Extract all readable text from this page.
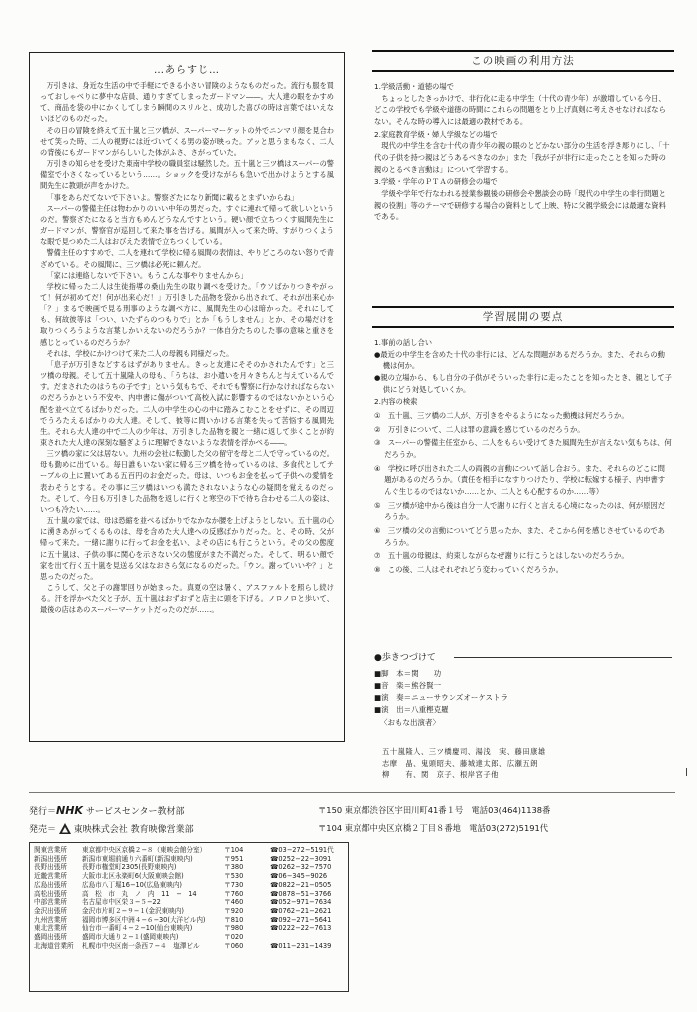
…あらすじ…

万引きは、身近な生活の中で手軽にできる小さい冒険のようなものだった。流行も服を買っておしゃべりに夢中な店員、通りすぎてしまったガードマン――。大人達の眼をかすめて、商品を袋の中にかくしてしまう瞬間のスリルと、成功した喜びの時は言葉ではいえないほどのものだった。

その日の冒険を終えて五十嵐と三ツ橋が、スーパーマーケットの外でニンマリ顔を見合わせて笑った時、二人の視野には近づいてくる男の姿が映った。アッと思うまもなく、二人の背後にもガードマンがらしいした体がふさ、さがっていた。

万引きの知らせを受けた東南中学校の職員室は騒然した。五十嵐と三ツ橋はスーパーの警備室で小さくなっているという……。ショックを受けながらも急いで出かけようとする風間先生に教頭が声をかけた。

「事をあらだてないで下さいよ。警察ざたになり新聞に載るとまずいからね」

スーパーの警備主任は物わかりのいい中年の男だった。すぐに連れて帰って欲しいというのだ。警察ざたになると当方もめんどうなんですという。硬い顔で立ちつくす風間先生にガードマンが、警察官が巡回して来た事を告げる。風間が入って来た時、すがりつくような眼で見つめた二人はおびえた表情で立ちつくしている。

警備主任のすすめで、二人を連れて学校に帰る風間の表情は、やりどころのない怒りで青ざめている。その風間に、三ツ橋は必死に頼んだ。

「家には連絡しないで下さい。もうこんな事やりませんから」

学校に帰った二人は生徒指導の桑山先生の取り調べを受けた。「ウソばかりつきやがって！何が初めてだ！何が出来心だ！」万引きした品物を袋から出されて、それが出来心か「？」まるで映画で見る刑事のような調べ方に、風間先生の心は暗かった。それにしても、何故彼等は「つい、いたずらのつもりで」とか「もうしません」とか、その場だけを取りつくろうような言葉しかいえないのだろうか？一体自分たちのした事の意味と重さを感じとっているのだろうか？

それは、学校にかけつけて来た二人の母親も同様だった。

「息子が万引きなどするはずがありません。きっと友達にそそのかされたんです」と三ツ橋の母親。そして五十嵐隆人の母も、「うちは、お小遣いを月々きちんと与えているんです。だまされたのはうちの子です」という気もちで、それでも警察に行かなければならないのだろうかという不安や、内申書に傷がついて高校入試に影響するのではないかという心配を並べ立てるばかりだった。二人の中学生の心の中に踏みこむことをせずに、その周辺でうろたえるばかりの大人達。そして、彼等に問いかける言葉を失って苦悩する風間先生。それら大人達の中で二人の少年は、万引きした品物を親と一緒に返して歩くことが約束された大人達の深刻な騒ぎように理解できないような表情を浮かべる――。

三ツ橋の家に父は居ない。九州の会社に転勤した父の留守を母と二人で守っているのだ。母も勤めに出ている。毎日誰もいない家に帰る三ツ橋を待っているのは、多食代としてテーブルの上に置いてある五百円のお金だった。母は、いつもお金を払って子供への愛情を表わそうとする。その事に三ツ橋はいつも満たされないような心の疑問を覚えるのだった。そして、今日も万引きした品物を返しに行くと寒空の下で待ち合わせる二人の姿は、いつも冷たい……。

五十嵐の家では、母は恐縮を並べるばかりでなかなか腰を上げようとしない。五十嵐の心に湧きあがってくるものは、母を含めた大人達への反感ばかりだった。と、その時、父が帰って来た。一緒に謝りに行ってお金を払い、よその店にも行こうという。その父の態度に五十嵐は、子供の事に関心を示さない父の態度がまた不満だった。そして、明るい顔で家を出て行く五十嵐を見送る父はなおさら気になるのだった。「ウン。謝っていいや？」と思ったのだった。

こうして、父と子の謝罪回りが始まった。真夏の空は暑く、アスファルトを照らし続ける。汗を浮かべた父と子が、五十嵐はおずおずと店主に頭を下げる。ノロノロと歩いて、最後の店はあのスーパーマーケットだったのだが……。

この映画の利用方法

1.学級活動・道徳の場で

ちょっとしたきっかけで、非行化に走る中学生（十代の青少年）が激増している今日、どこの学校でも学級や道徳の時間にこれらの問題をとり上げ真剣に考えさせなければならない。そんな時の導入には最適の教材である。

2.家庭教育学級・婦人学級などの場で

現代の中学生を含む十代の青少年の親の眼のとどかない部分の生活を浮き彫りにし、「十代の子供を持つ親はどうあるべきなのか」また「我が子が非行に走ったことを知った時の親のとるべき言動は」について学習する。

3.学級・学年のＰＴＡの研修会の場で

学級や学年で行なわれる授業参観後の研修会や懇談会の時「現代の中学生の非行問題と親の役割」等のテーマで研修する場合の資料として上映、特に父親学級会には最適な資料である。

学習展開の要点

1.事前の話し合い

●最近の中学生を含めた十代の非行には、どんな問題があるだろうか。また、それらの動機は何か。

●親の立場から、もし自分の子供がそういった非行に走ったことを知ったとき、親として子供にどう対処していくか。

2.内容の検索

①　五十嵐、三ツ橋の二人が、万引きをやるようになった動機は何だろうか。

②　万引きについて、二人は罪の意識を感じているのだろうか。

③　スーパーの警備主任室から、二人をもらい受けてきた風間先生が言えない気もちは、何だろうか。

④　学校に呼び出された二人の両親の言動について話し合おう。また、それらのどこに問題があるのだろうか。（責任を相手になすりつけたり、学校に転嫁する様子、内申書すんぐ生じるのではないか……とか、二人とも心配するのか……等）

⑤　三ツ橋が途中から後は自分一人で謝りに行くと言える心境になったのは、何が原因だろうか。

⑥　三ツ橋の父の言動についてどう思ったか、また、そこから何を感じさせているのであろうか。

⑦　五十嵐の母親は、約束しながらなぜ謝りに行こうとはしないのだろうか。

⑧　この後、二人はそれぞれどう変わっていくだろうか。

●歩きつづけて
■脚　本＝関　　功
■音　楽＝熊谷賢一
■演　奏＝ニューサウンズオーケストラ
■演　出＝八重樫克羅
〈おもな出演者〉
五十嵐隆人、三ツ橋慶司、湯浅　実、藤田康雄
志摩　晶、鬼頭昭夫、藤城達太郎、広瀬五朗
柳　　有、関　京子、根岸宮子他
発行＝NHK サービスセンター教材部	〒150 東京都渋谷区宇田川町41番１号　電話03(464)1138番
発売＝ 東映株式会社 教育映像営業部	〒104 東京都中央区京橋２丁目８番地　電話03(272)5191代
関東営業所	東京都中央区京橋２−８（東映会館分室）	〒104	☎03−272−5191代
新潟出張所	新潟市東堀前通り六番町(新潟東映内)	〒951	☎0252−22−3091
長野出張所	長野市権堂町2305(長野東映内)	〒380	☎0262−32−7570
近畿営業所	大阪市北区永楽町6(大阪東映会館)	〒530	☎06−345−9026
広島出張所	広島市八丁堀16−10(広島東映内)	〒730	☎0822−21−0505
高松出張所	高　松　市　丸　ノ　内　11　−　14	〒760	☎0878−51−3766
中部営業所	名古屋市中区栄３−５−22	〒460	☎052−971−7634
金沢出張所	金沢市片町２−９−１(金沢東映内)	〒920	☎0762−21−2621
九州営業所	福岡市博多区中洲４−６−30(大洋ビル内)	〒810	☎092−271−5641
東北営業所	仙台市一番町４−２−10(仙台東映内)	〒980	☎0222−22−7613
盛岡出張所	盛岡市大通り２−１(盛岡東映内)	〒020	
北海道営業所	札幌市中央区南一条西７−４　塩澤ビル	〒060	☎011−231−1439
